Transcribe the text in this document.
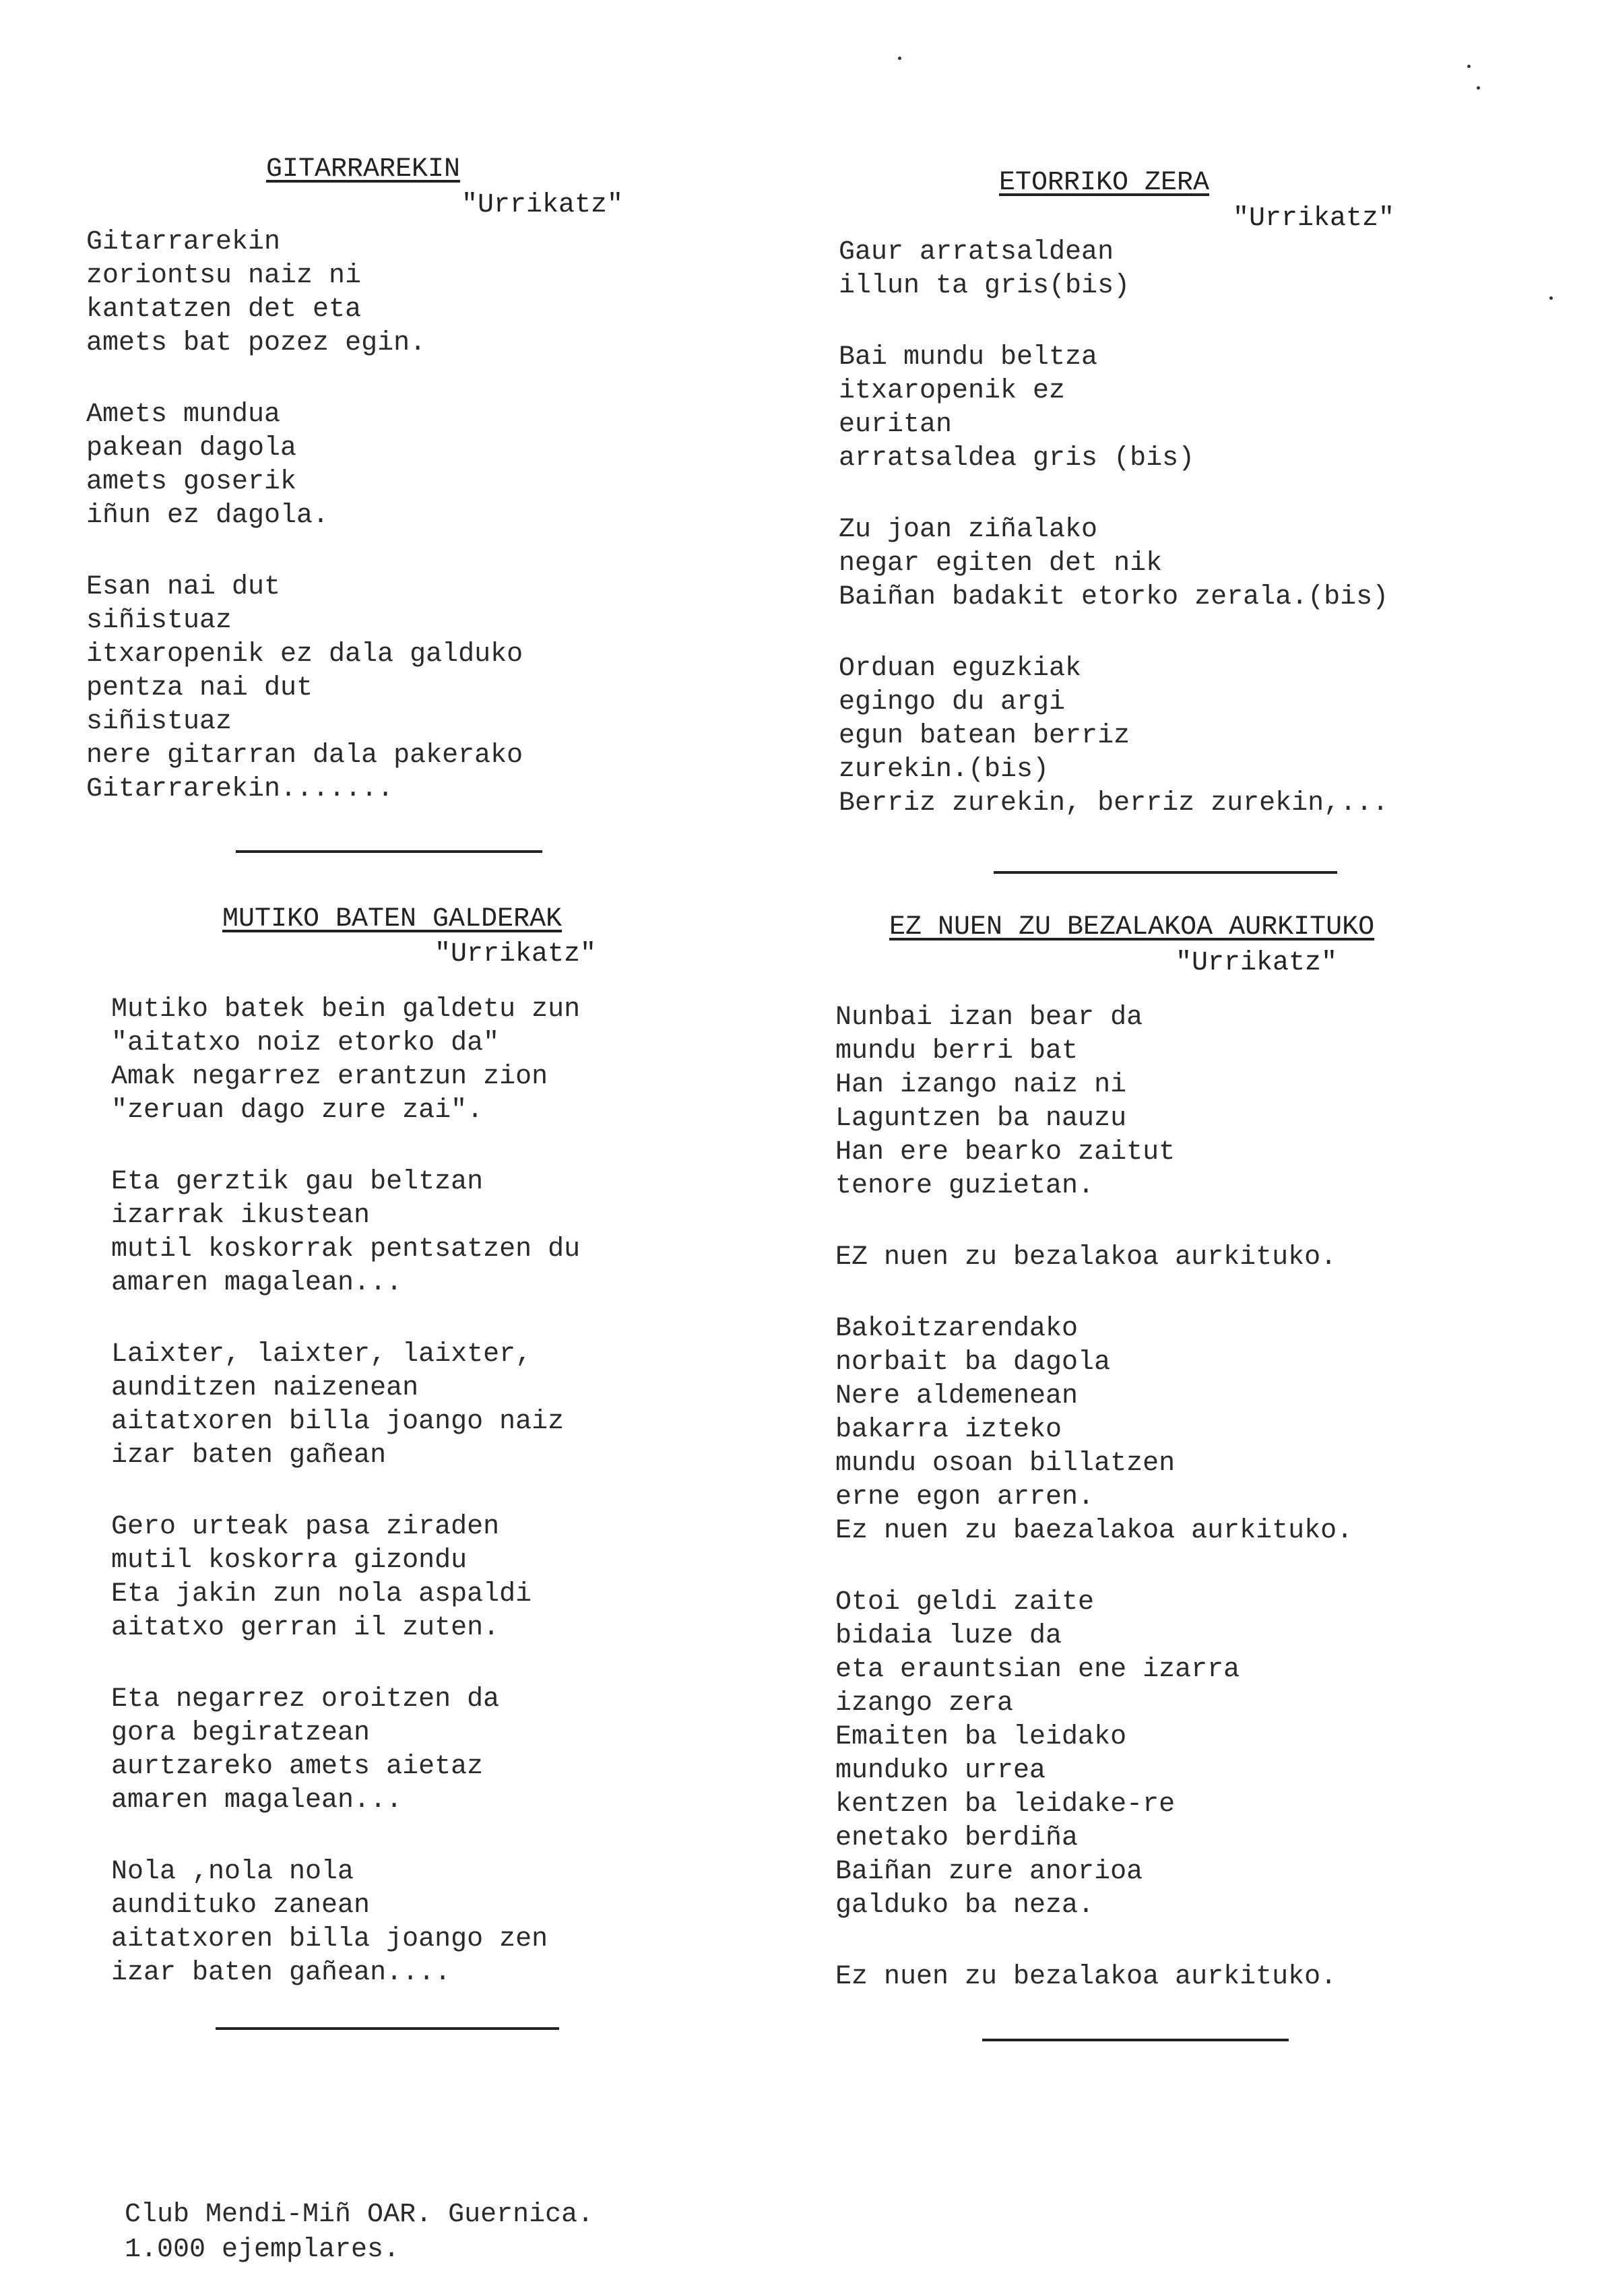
GITARRAREKIN
"Urrikatz"
Gitarrarekin
zoriontsu naiz ni
kantatzen det eta
amets bat pozez egin.
Amets mundua
pakean dagola
amets goserik
iñun ez dagola.
Esan nai dut
siñistuaz
itxaropenik ez dala galduko
pentza nai dut
siñistuaz
nere gitarran dala pakerako
Gitarrarekin.......
ETORRIKO ZERA
"Urrikatz"
Gaur arratsaldean
illun ta gris(bis)
Bai mundu beltza
itxaropenik ez
euritan
arratsaldea gris (bis)
Zu joan ziñalako
negar egiten det nik
Baiñan badakit etorko zerala.(bis)
Orduan eguzkiak
egingo du argi
egun batean berriz
zurekin.(bis)
Berriz zurekin, berriz zurekin,...
MUTIKO BATEN GALDERAK
"Urrikatz"
Mutiko batek bein galdetu zun
"aitatxo noiz etorko da"
Amak negarrez erantzun zion
"zeruan dago zure zai".
Eta gerztik gau beltzan
izarrak ikustean
mutil koskorrak pentsatzen du
amaren magalean...
Laixter, laixter, laixter,
aunditzen naizenean
aitatxoren billa joango naiz
izar baten gañean
Gero urteak pasa ziraden
mutil koskorra gizondu
Eta jakin zun nola aspaldi
aitatxo gerran il zuten.
Eta negarrez oroitzen da
gora begiratzean
aurtzareko amets aietaz
amaren magalean...
Nola ,nola nola
aundituko zanean
aitatxoren billa joango zen
izar baten gañean....
EZ NUEN ZU BEZALAKOA AURKITUKO
"Urrikatz"
Nunbai izan bear da
mundu berri bat
Han izango naiz ni
Laguntzen ba nauzu
Han ere bearko zaitut
tenore guzietan.
EZ nuen zu bezalakoa aurkituko.
Bakoitzarendako
norbait ba dagola
Nere aldemenean
bakarra izteko
mundu osoan billatzen
erne egon arren.
Ez nuen zu baezalakoa aurkituko.
Otoi geldi zaite
bidaia luze da
eta erauntsian ene izarra
izango zera
Emaiten ba leidako
munduko urrea
kentzen ba leidake-re
enetako berdiña
Baiñan zure anorioa
galduko ba neza.
Ez nuen zu bezalakoa aurkituko.
Club Mendi-Miñ OAR. Guernica.
1.000 ejemplares.
